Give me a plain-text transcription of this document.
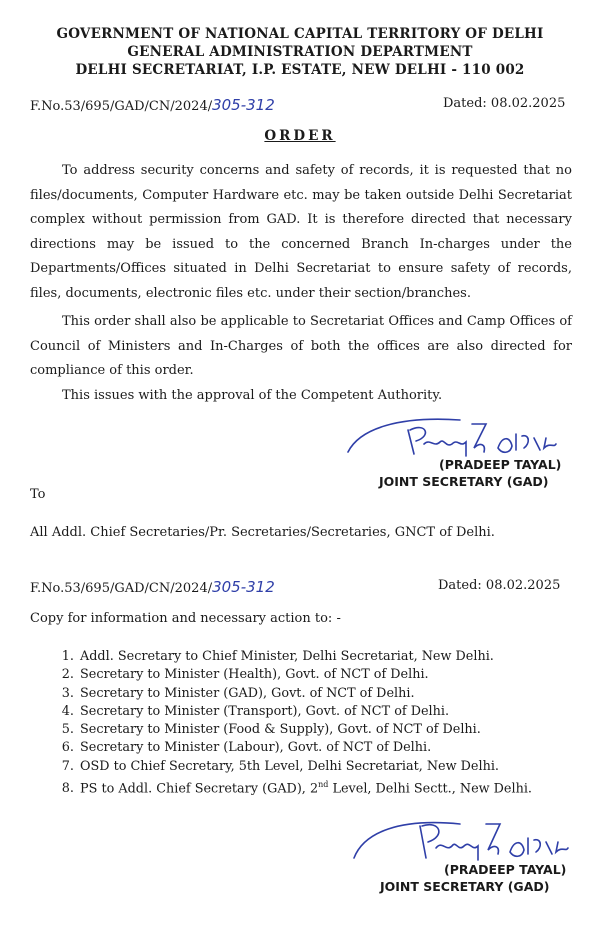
GOVERNMENT OF NATIONAL CAPITAL TERRITORY OF DELHI
GENERAL ADMINISTRATION DEPARTMENT
DELHI SECRETARIAT, I.P. ESTATE, NEW DELHI - 110 002
F.No.53/695/GAD/CN/2024/305-312	Dated: 08.02.2025
ORDER
To address security concerns and safety of records, it is requested that no files/documents, Computer Hardware etc. may be taken outside Delhi Secretariat complex without permission from GAD. It is therefore directed that necessary directions may be issued to the concerned Branch In-charges under the Departments/Offices situated in Delhi Secretariat to ensure safety of records, files, documents, electronic files etc. under their section/branches.
This order shall also be applicable to Secretariat Offices and Camp Offices of Council of Ministers and In-Charges of both the offices are also directed for compliance of this order.
This issues with the approval of the Competent Authority.
(PRADEEP TAYAL)
JOINT SECRETARY (GAD)
To
All Addl. Chief Secretaries/Pr. Secretaries/Secretaries, GNCT of Delhi.
F.No.53/695/GAD/CN/2024/305-312	Dated: 08.02.2025
Copy for information and necessary action to: -
1. Addl. Secretary to Chief Minister, Delhi Secretariat, New Delhi.
2. Secretary to Minister (Health), Govt. of NCT of Delhi.
3. Secretary to Minister (GAD), Govt. of NCT of Delhi.
4. Secretary to Minister (Transport), Govt. of NCT of Delhi.
5. Secretary to Minister (Food & Supply), Govt. of NCT of Delhi.
6. Secretary to Minister (Labour), Govt. of NCT of Delhi.
7. OSD to Chief Secretary, 5th Level, Delhi Secretariat, New Delhi.
8. PS to Addl. Chief Secretary (GAD), 2nd Level, Delhi Sectt., New Delhi.
(PRADEEP TAYAL)
JOINT SECRETARY (GAD)
